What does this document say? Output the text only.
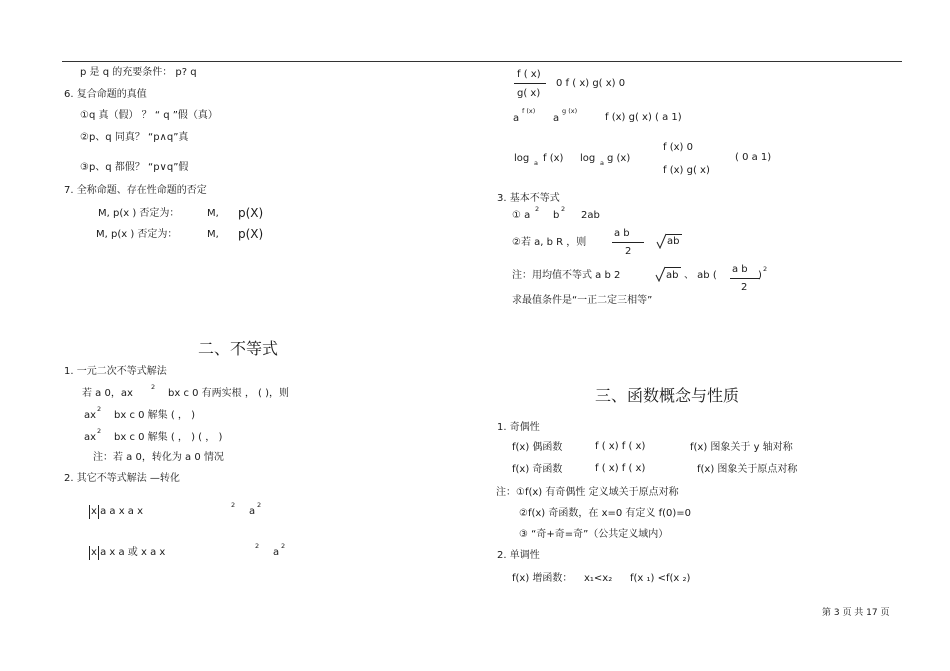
p 是 q 的充要条件： p? q
6. 复合命题的真值
①q 真（假） ？ “ q ”假（真）
②p、q 同真？ “p∧q”真
③p、q 都假？ “p∨q”假
7. 全称命题、存在性命题的否定
M, p(x ) 否定为：	M, p(X)
M, p(x ) 否定为：	M, p(X)
二、不等式
1. 一元二次不等式解法
若 a 0，ax
2
bx c 0 有两实根 ， ( )，则
ax
2
bx c 0 解集 ( ， )
ax
2
bx c 0 解集 ( ， ) ( ， )
注：若 a 0，转化为 a 0 情况
2. 其它不等式解法 —转化
x a a x a x
2
a
2
x a x a 或 x a x
2
a
2
f ( x)
g( x)
0 f ( x) g( x) 0
a
f (x)
a
g (x)
f (x) g( x) ( a 1)
log a f (x) log a g (x)
f (x) 0
f (x) g( x)
( 0 a 1)
3. 基本不等式
① a
2
b
2
2ab
②若 a, b R ，则
a b
2
ab
注：用均值不等式 a b 2	ab 、 ab (
a b
2
)
2
求最值条件是“一正二定三相等”
三、函数概念与性质
1. 奇偶性
f(x) 偶函数	f ( x) f ( x)	f(x) 图象关于 y 轴对称
f(x) 奇函数	f ( x) f ( x)	f(x) 图象关于原点对称
注：①f(x) 有奇偶性 定义域关于原点对称
②f(x) 奇函数，在 x=0 有定义 f(0)=0
③ “奇+奇=奇”（公共定义域内）
2. 单调性
f(x) 增函数： x₁<x₂ f(x ₁) <f(x ₂)
第 3 页 共 17 页
